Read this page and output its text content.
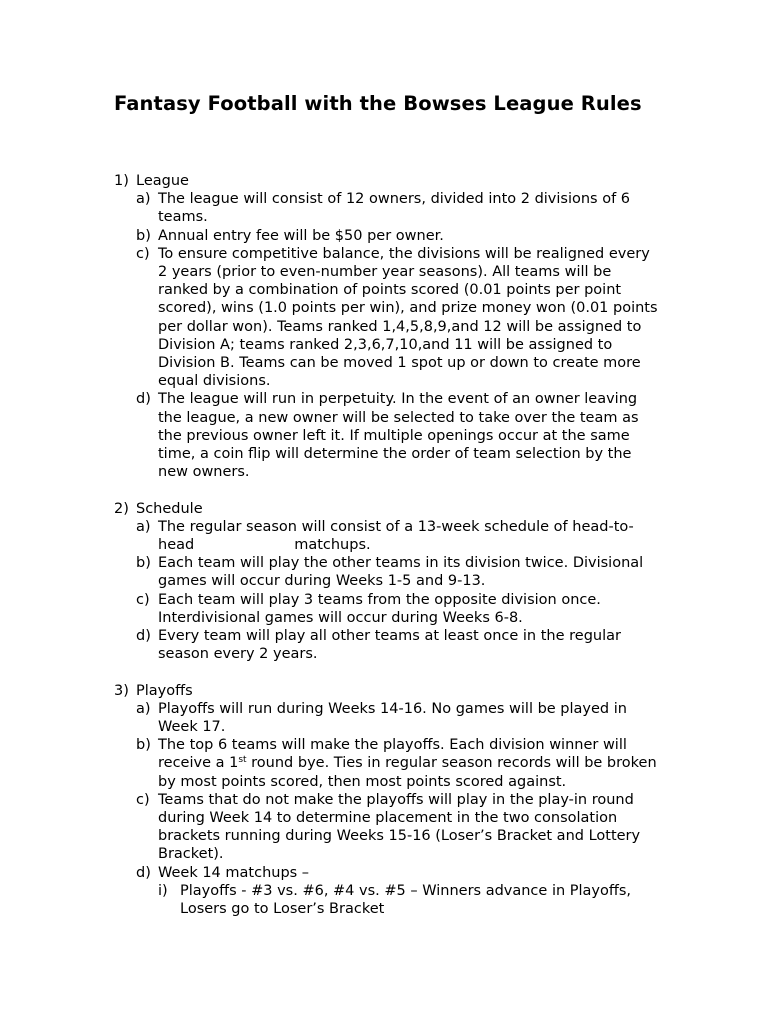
Fantasy Football with the Bowses League Rules
1) League
a) The league will consist of 12 owners, divided into 2 divisions of 6 teams.
b) Annual entry fee will be $50 per owner.
c) To ensure competitive balance, the divisions will be realigned every 2 years (prior to even-number year seasons). All teams will be ranked by a combination of points scored (0.01 points per point scored), wins (1.0 points per win), and prize money won (0.01 points per dollar won). Teams ranked 1,4,5,8,9,and 12 will be assigned to Division A; teams ranked 2,3,6,7,10,and 11 will be assigned to Division B. Teams can be moved 1 spot up or down to create more equal divisions.
d) The league will run in perpetuity. In the event of an owner leaving the league, a new owner will be selected to take over the team as the previous owner left it. If multiple openings occur at the same time, a coin flip will determine the order of team selection by the new owners.
2) Schedule
a) The regular season will consist of a 13-week schedule of head-to-head	matchups.
b) Each team will play the other teams in its division twice. Divisional games will occur during Weeks 1-5 and 9-13.
c) Each team will play 3 teams from the opposite division once. Interdivisional games will occur during Weeks 6-8.
d) Every team will play all other teams at least once in the regular season every 2 years.
3) Playoffs
a) Playoffs will run during Weeks 14-16. No games will be played in Week 17.
b) The top 6 teams will make the playoffs. Each division winner will receive a 1st round bye. Ties in regular season records will be broken by most points scored, then most points scored against.
c) Teams that do not make the playoffs will play in the play-in round during Week 14 to determine placement in the two consolation brackets running during Weeks 15-16 (Loser’s Bracket and Lottery Bracket).
d) Week 14 matchups –
i) Playoffs - #3 vs. #6, #4 vs. #5 – Winners advance in Playoffs, Losers go to Loser’s Bracket
